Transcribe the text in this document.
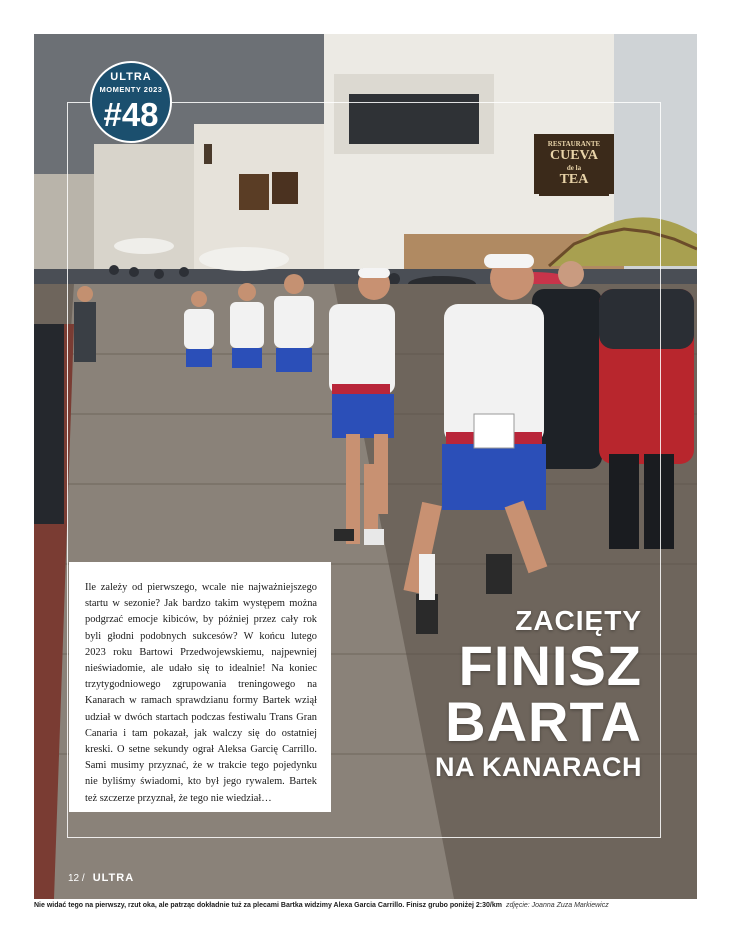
RESTAURANTE
CUEVA
de la
TEA
ULTRA
MOMENTY 2023
#48

Ile zależy od pierwszego, wcale nie najważniejszego startu w sezonie? Jak bardzo takim występem można podgrzać emocje kibiców, by później przez cały rok byli głodni podobnych sukcesów? W końcu lutego 2023 roku Bartowi Przedwojewskiemu, najpewniej nieświadomie, ale udało się to idealnie! Na koniec trzytygodniowego zgrupowania treningowego na Kanarach w ramach sprawdzianu formy Bartek wziął udział w dwóch startach podczas festiwalu Trans Gran Canaria i tam pokazał, jak walczy się do ostatniej kreski. O setne sekundy ograł Aleksa Garcię Carrillo. Sami musimy przyznać, że w trakcie tego pojedynku nie byliśmy świadomi, kto był jego rywalem. Bartek też szczerze przyznał, że tego nie wiedział…

ZACIĘTY
FINISZ
BARTA
NA KANARACH
12 / ULTRA
Nie widać tego na pierwszy, rzut oka, ale patrząc dokładnie tuż za plecami Bartka widzimy Alexa Garcia Carrillo. Finisz grubo poniżej 2:30/km zdjęcie: Joanna Zuza Markiewicz
